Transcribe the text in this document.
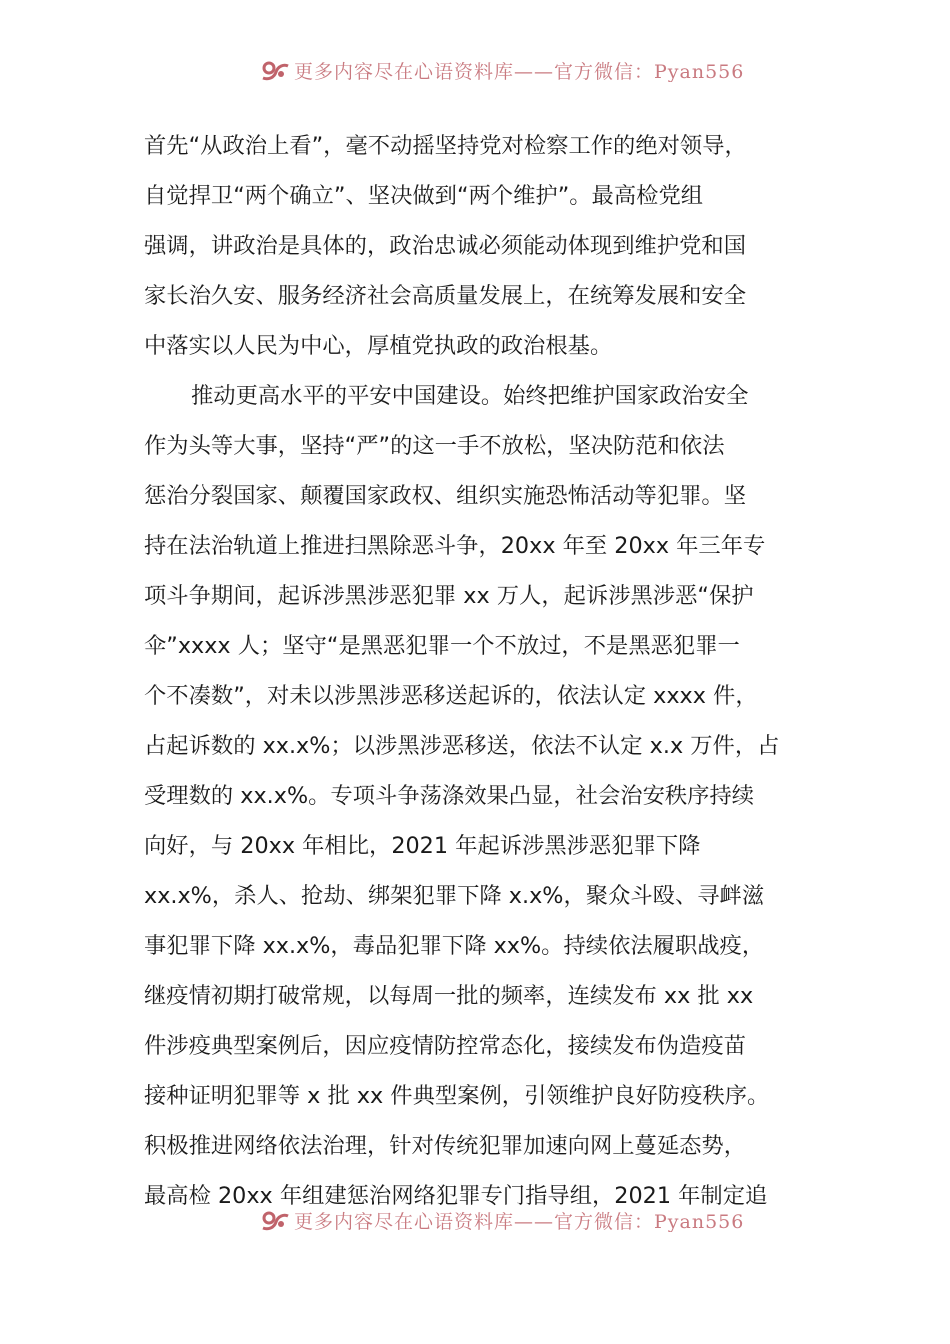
更多内容尽在心语资料库——官方微信：Pyan556
首先“从政治上看”，毫不动摇坚持党对检察工作的绝对领导，
自觉捍卫“两个确立”、坚决做到“两个维护”。最高检党组
强调，讲政治是具体的，政治忠诚必须能动体现到维护党和国
家长治久安、服务经济社会高质量发展上，在统筹发展和安全
中落实以人民为中心，厚植党执政的政治根基。
推动更高水平的平安中国建设。始终把维护国家政治安全
作为头等大事，坚持“严”的这一手不放松，坚决防范和依法
惩治分裂国家、颠覆国家政权、组织实施恐怖活动等犯罪。坚
持在法治轨道上推进扫黑除恶斗争，20xx 年至 20xx 年三年专
项斗争期间，起诉涉黑涉恶犯罪 xx 万人，起诉涉黑涉恶“保护
伞”xxxx 人；坚守“是黑恶犯罪一个不放过，不是黑恶犯罪一
个不凑数”，对未以涉黑涉恶移送起诉的，依法认定 xxxx 件，
占起诉数的 xx.x%；以涉黑涉恶移送，依法不认定 x.x 万件，占
受理数的 xx.x%。专项斗争荡涤效果凸显，社会治安秩序持续
向好，与 20xx 年相比，2021 年起诉涉黑涉恶犯罪下降
xx.x%，杀人、抢劫、绑架犯罪下降 x.x%，聚众斗殴、寻衅滋
事犯罪下降 xx.x%，毒品犯罪下降 xx%。持续依法履职战疫，
继疫情初期打破常规，以每周一批的频率，连续发布 xx 批 xx
件涉疫典型案例后，因应疫情防控常态化，接续发布伪造疫苗
接种证明犯罪等 x 批 xx 件典型案例，引领维护良好防疫秩序。
积极推进网络依法治理，针对传统犯罪加速向网上蔓延态势，
最高检 20xx 年组建惩治网络犯罪专门指导组，2021 年制定追
更多内容尽在心语资料库——官方微信：Pyan556
